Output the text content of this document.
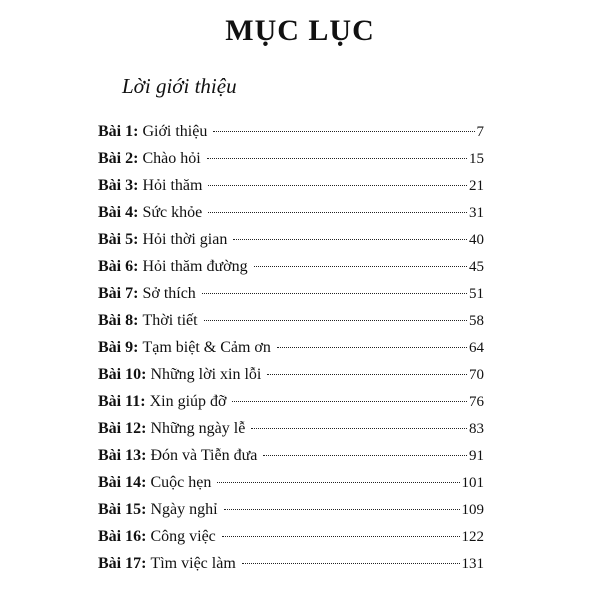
MỤC LỤC
Lời giới thiệu
Bài 1: Giới thiệu	7
Bài 2: Chào hỏi	15
Bài 3: Hỏi thăm	21
Bài 4: Sức khỏe	31
Bài 5: Hỏi thời gian	40
Bài 6: Hỏi thăm đường	45
Bài 7: Sở thích	51
Bài 8: Thời tiết	58
Bài 9: Tạm biệt & Cảm ơn	64
Bài 10: Những lời xin lỗi	70
Bài 11: Xin giúp đỡ	76
Bài 12: Những ngày lễ	83
Bài 13: Đón và Tiễn đưa	91
Bài 14: Cuộc hẹn	101
Bài 15: Ngày nghỉ	109
Bài 16: Công việc	122
Bài 17: Tìm việc làm	131
